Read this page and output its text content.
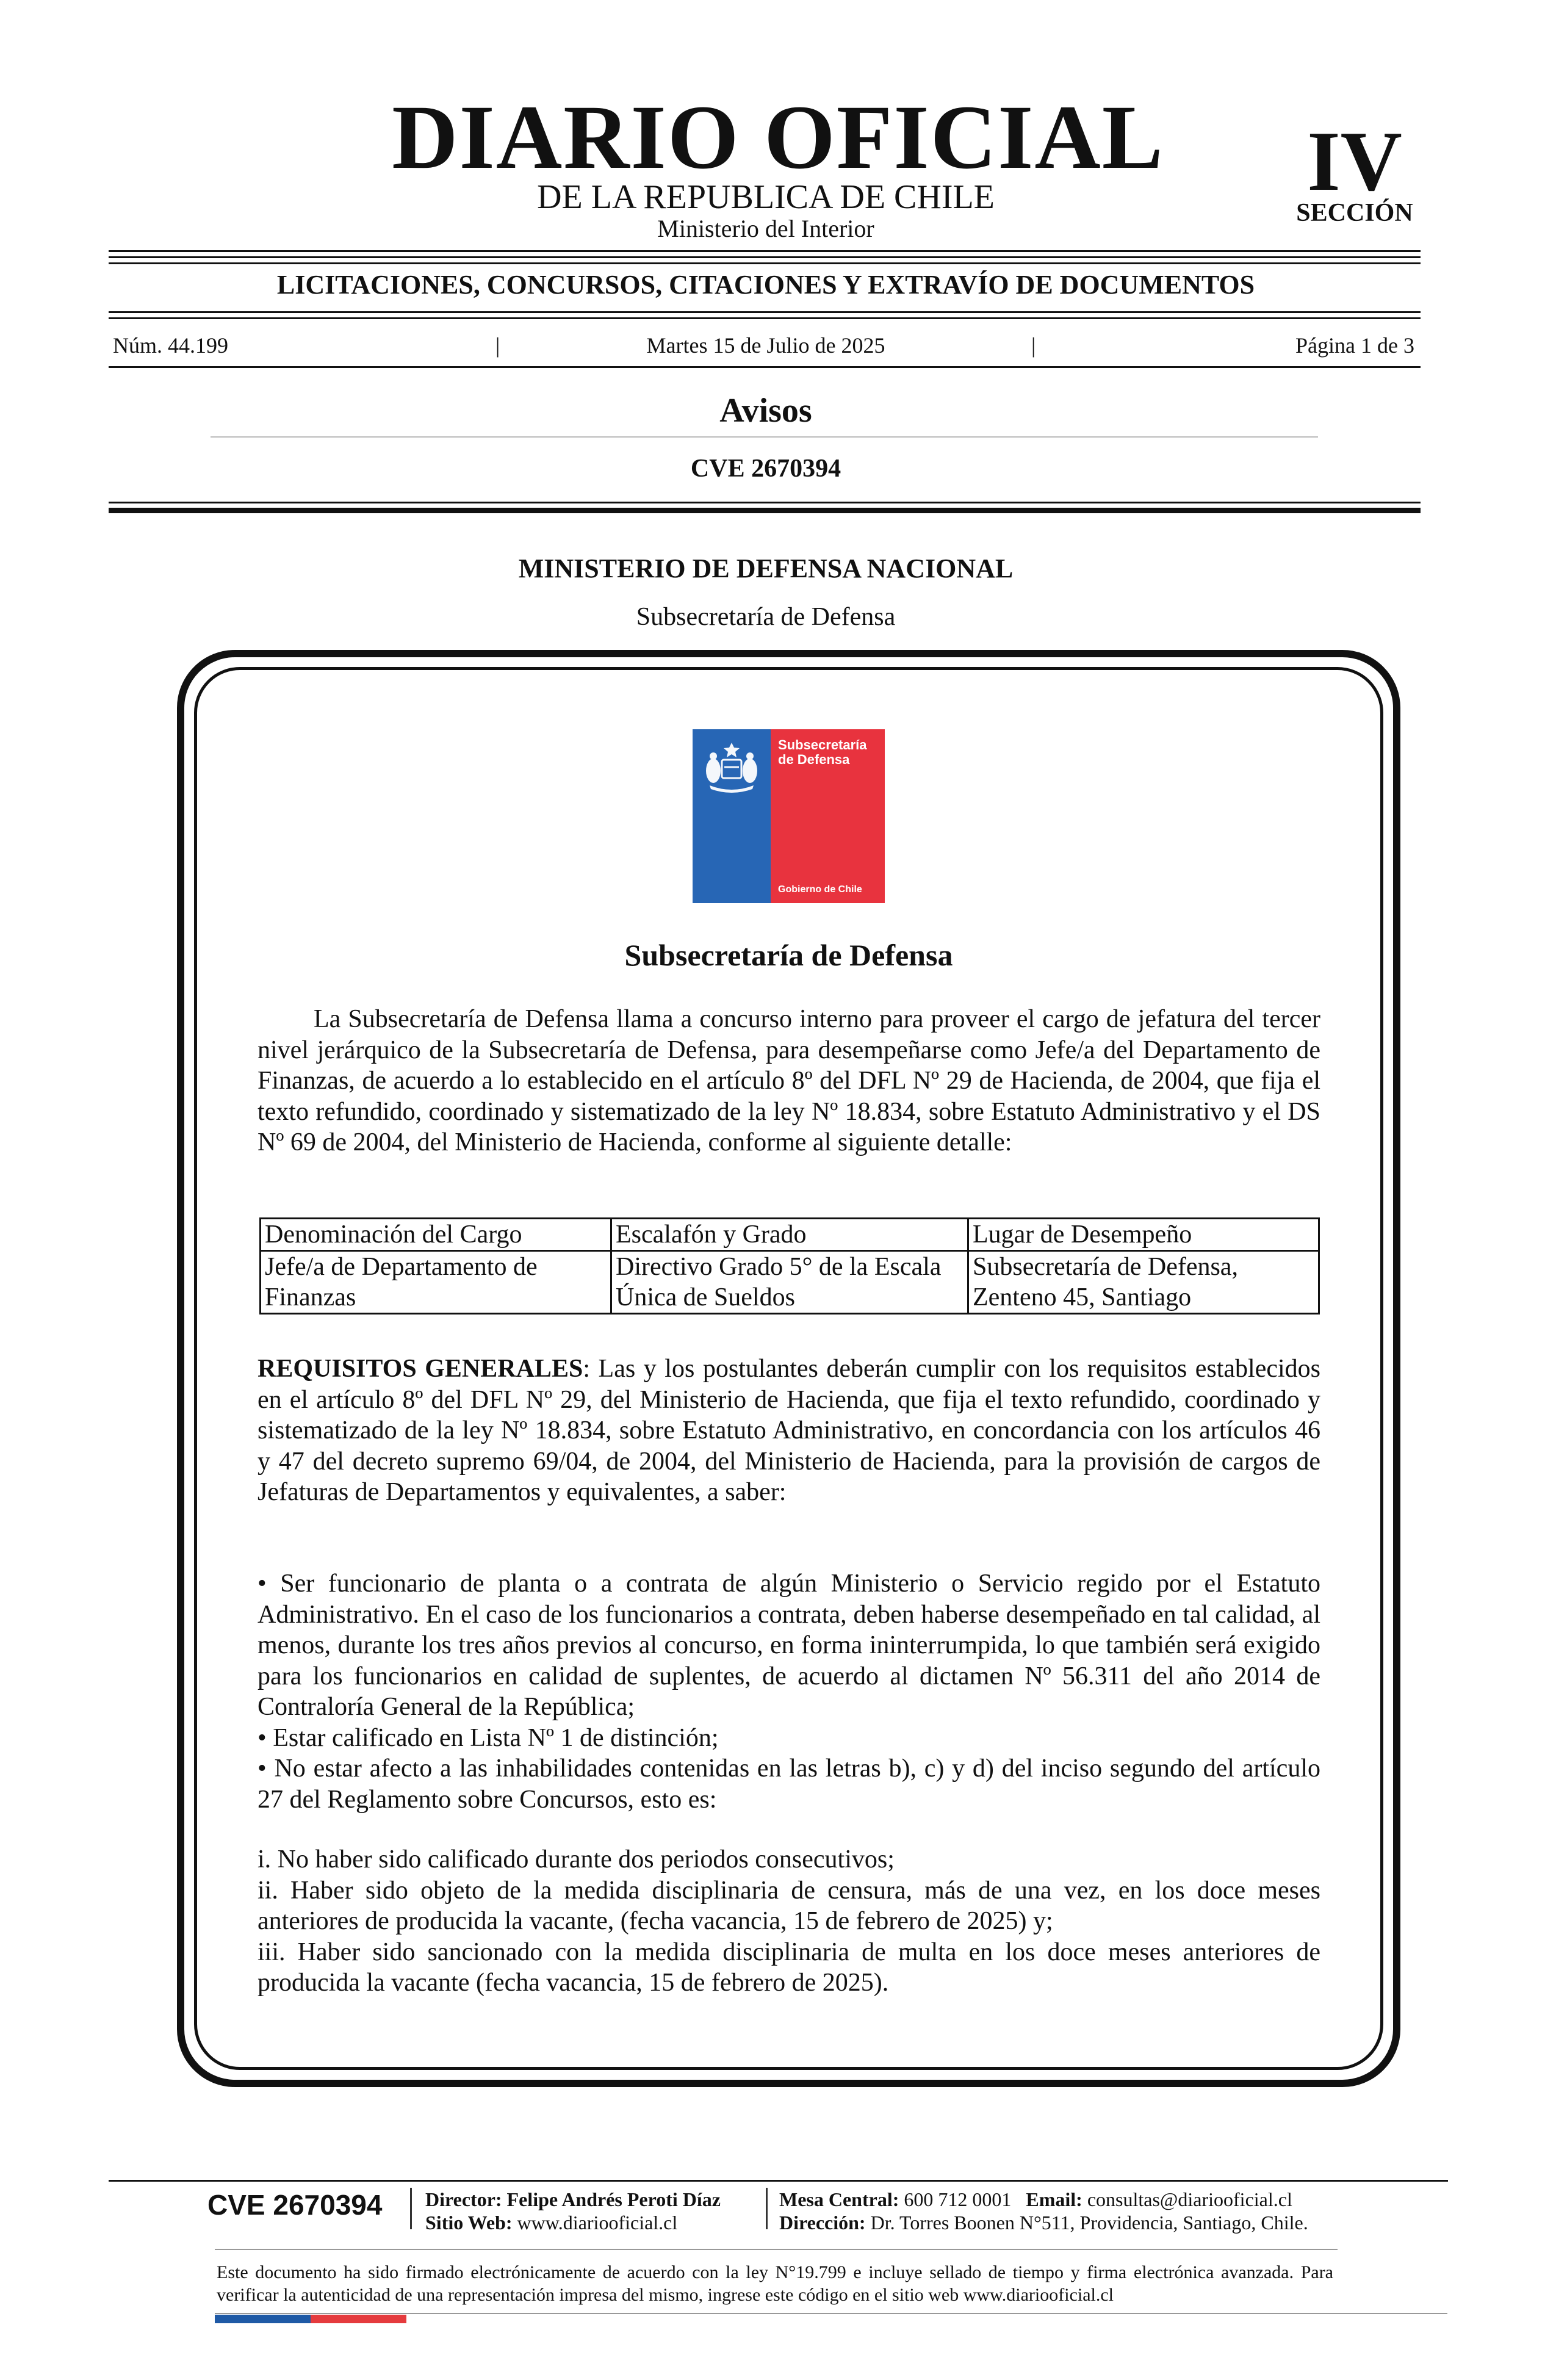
DIARIO OFICIAL
DE LA REPUBLICA DE CHILE
Ministerio del Interior
IV
SECCIÓN
LICITACIONES, CONCURSOS, CITACIONES Y EXTRAVÍO DE DOCUMENTOS
Núm. 44.199	|	Martes 15 de Julio de 2025	|	Página 1 de 3
Avisos
CVE 2670394
MINISTERIO DE DEFENSA NACIONAL
Subsecretaría de Defensa
Subsecretaría
de Defensa
Gobierno de Chile
Subsecretaría de Defensa
La Subsecretaría de Defensa llama a concurso interno para proveer el cargo de jefatura del tercer nivel jerárquico de la Subsecretaría de Defensa, para desempeñarse como Jefe/a del Departamento de Finanzas, de acuerdo a lo establecido en el artículo 8º del DFL Nº 29 de Hacienda, de 2004, que fija el texto refundido, coordinado y sistematizado de la ley Nº 18.834, sobre Estatuto Administrativo y el DS Nº 69 de 2004, del Ministerio de Hacienda, conforme al siguiente detalle:
Denominación del Cargo	Escalafón y Grado	Lugar de Desempeño
Jefe/a de Departamento de Finanzas	Directivo Grado 5° de la Escala Única de Sueldos	Subsecretaría de Defensa, Zenteno 45, Santiago
REQUISITOS GENERALES: Las y los postulantes deberán cumplir con los requisitos establecidos en el artículo 8º del DFL Nº 29, del Ministerio de Hacienda, que fija el texto refundido, coordinado y sistematizado de la ley Nº 18.834, sobre Estatuto Administrativo, en concordancia con los artículos 46 y 47 del decreto supremo 69/04, de 2004, del Ministerio de Hacienda, para la provisión de cargos de Jefaturas de Departamentos y equivalentes, a saber:

• Ser funcionario de planta o a contrata de algún Ministerio o Servicio regido por el Estatuto Administrativo. En el caso de los funcionarios a contrata, deben haberse desempeñado en tal calidad, al menos, durante los tres años previos al concurso, en forma ininterrumpida, lo que también será exigido para los funcionarios en calidad de suplentes, de acuerdo al dictamen Nº 56.311 del año 2014 de Contraloría General de la República;

• Estar calificado en Lista Nº 1 de distinción;

• No estar afecto a las inhabilidades contenidas en las letras b), c) y d) del inciso segundo del artículo 27 del Reglamento sobre Concursos, esto es:

i. No haber sido calificado durante dos periodos consecutivos;

ii. Haber sido objeto de la medida disciplinaria de censura, más de una vez, en los doce meses anteriores de producida la vacante, (fecha vacancia, 15 de febrero de 2025) y;

iii. Haber sido sancionado con la medida disciplinaria de multa en los doce meses anteriores de producida la vacante (fecha vacancia, 15 de febrero de 2025).

CVE 2670394 Director: Felipe Andrés Peroti Díaz
Sitio Web: www.diariooficial.cl
Mesa Central: 600 712 0001 Email: consultas@diariooficial.cl
Dirección: Dr. Torres Boonen N°511, Providencia, Santiago, Chile.
Este documento ha sido firmado electrónicamente de acuerdo con la ley N°19.799 e incluye sellado de tiempo y firma electrónica avanzada. Para verificar la autenticidad de una representación impresa del mismo, ingrese este código en el sitio web www.diariooficial.cl
